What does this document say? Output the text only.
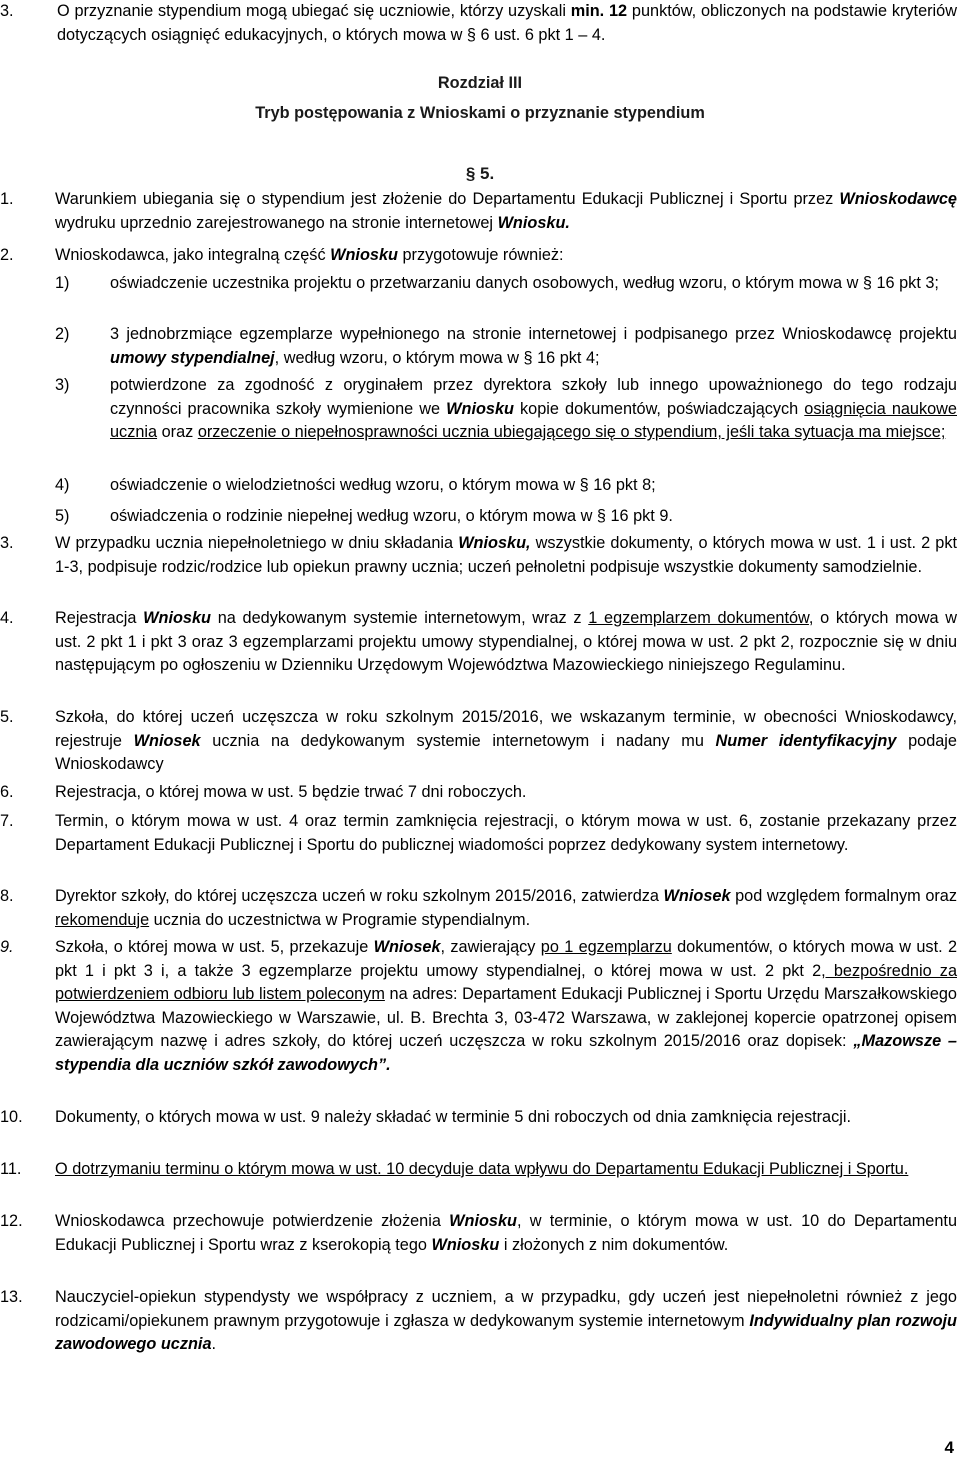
3.	O przyznanie stypendium mogą ubiegać się uczniowie, którzy uzyskali min. 12 punktów, obliczonych na podstawie kryteriów dotyczących osiągnięć edukacyjnych, o których mowa w § 6 ust. 6 pkt 1 – 4.
Rozdział III
Tryb postępowania z Wnioskami o przyznanie stypendium
§ 5.
1.	Warunkiem ubiegania się o stypendium jest złożenie do Departamentu Edukacji Publicznej i Sportu przez Wnioskodawcę wydruku uprzednio zarejestrowanego na stronie internetowej Wniosku.
2.	Wnioskodawca, jako integralną część Wniosku przygotowuje również:
1)	oświadczenie uczestnika projektu o przetwarzaniu danych osobowych, według wzoru, o którym mowa w § 16 pkt 3;
2)	3 jednobrzmiące egzemplarze wypełnionego na stronie internetowej i podpisanego przez Wnioskodawcę projektu umowy stypendialnej, według wzoru, o którym mowa w § 16 pkt 4;
3)	potwierdzone za zgodność z oryginałem przez dyrektora szkoły lub innego upoważnionego do tego rodzaju czynności pracownika szkoły wymienione we Wniosku kopie dokumentów, poświadczających osiągnięcia naukowe ucznia oraz orzeczenie o niepełnosprawności ucznia ubiegającego się o stypendium, jeśli taka sytuacja ma miejsce;
4)	oświadczenie o wielodzietności według wzoru, o którym mowa w § 16 pkt 8;
5)	oświadczenia o rodzinie niepełnej według wzoru, o którym mowa w § 16 pkt 9.
3.	W przypadku ucznia niepełnoletniego w dniu składania Wniosku, wszystkie dokumenty, o których mowa w ust. 1 i ust. 2 pkt 1-3, podpisuje rodzic/rodzice lub opiekun prawny ucznia; uczeń pełnoletni podpisuje wszystkie dokumenty samodzielnie.
4.	Rejestracja Wniosku na dedykowanym systemie internetowym, wraz z 1 egzemplarzem dokumentów, o których mowa w ust. 2 pkt 1 i pkt 3 oraz 3 egzemplarzami projektu umowy stypendialnej, o której mowa w ust. 2 pkt 2, rozpocznie się w dniu następującym po ogłoszeniu w Dzienniku Urzędowym Województwa Mazowieckiego niniejszego Regulaminu.
5.	Szkoła, do której uczeń uczęszcza w roku szkolnym 2015/2016, we wskazanym terminie, w obecności Wnioskodawcy, rejestruje Wniosek ucznia na dedykowanym systemie internetowym i nadany mu Numer identyfikacyjny podaje Wnioskodawcy
6.	Rejestracja, o której mowa w ust. 5 będzie trwać 7 dni roboczych.
7.	Termin, o którym mowa w ust. 4 oraz termin zamknięcia rejestracji, o którym mowa w ust. 6, zostanie przekazany przez Departament Edukacji Publicznej i Sportu do publicznej wiadomości poprzez dedykowany system internetowy.
8.	Dyrektor szkoły, do której uczęszcza uczeń w roku szkolnym 2015/2016, zatwierdza Wniosek pod względem formalnym oraz rekomenduje ucznia do uczestnictwa w Programie stypendialnym.
9.	Szkoła, o której mowa w ust. 5, przekazuje Wniosek, zawierający po 1 egzemplarzu dokumentów, o których mowa w ust. 2 pkt 1 i pkt 3 i, a także 3 egzemplarze projektu umowy stypendialnej, o której mowa w ust. 2 pkt 2, bezpośrednio za potwierdzeniem odbioru lub listem poleconym na adres: Departament Edukacji Publicznej i Sportu Urzędu Marszałkowskiego Województwa Mazowieckiego w Warszawie, ul. B. Brechta 3, 03-472 Warszawa, w zaklejonej kopercie opatrzonej opisem zawierającym nazwę i adres szkoły, do której uczeń uczęszcza w roku szkolnym 2015/2016 oraz dopisek: „Mazowsze – stypendia dla uczniów szkół zawodowych”.
10.	Dokumenty, o których mowa w ust. 9 należy składać w terminie 5 dni roboczych od dnia zamknięcia rejestracji.
11.	O dotrzymaniu terminu o którym mowa w ust. 10 decyduje data wpływu do Departamentu Edukacji Publicznej i Sportu.
12.	Wnioskodawca przechowuje potwierdzenie złożenia Wniosku, w terminie, o którym mowa w ust. 10 do Departamentu Edukacji Publicznej i Sportu wraz z kserokopią tego Wniosku i złożonych z nim dokumentów.
13.	Nauczyciel-opiekun stypendysty we współpracy z uczniem, a w przypadku, gdy uczeń jest niepełnoletni również z jego rodzicami/opiekunem prawnym przygotowuje i zgłasza w dedykowanym systemie internetowym Indywidualny plan rozwoju zawodowego ucznia.
4
